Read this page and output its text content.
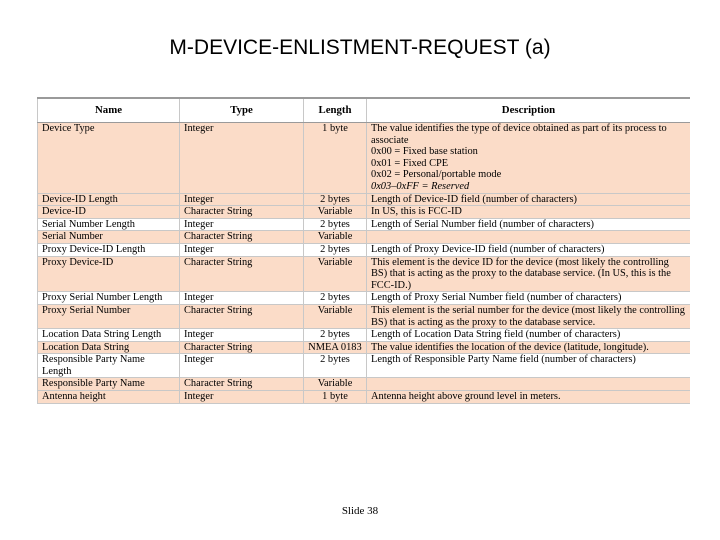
M-DEVICE-ENLISTMENT-REQUEST (a)
Name	Type	Length	Description
Device Type	Integer	1 byte	The value identifies the type of device obtained as part of its process to associate
0x00 = Fixed base station
0x01 = Fixed CPE
0x02 = Personal/portable mode
0x03–0xFF = Reserved

Device-ID Length	Integer	2 bytes	Length of Device-ID field (number of characters)

Device-ID	Character String	Variable	In US, this is FCC-ID

Serial Number Length	Integer	2 bytes	Length of Serial Number field (number of characters)

Serial Number	Character String	Variable	

Proxy Device-ID Length	Integer	2 bytes	Length of Proxy Device-ID field (number of characters)

Proxy Device-ID	Character String	Variable	This element is the device ID for the device (most likely the controlling BS) that is acting as the proxy to the database service. (In US, this is the FCC-ID.)

Proxy Serial Number Length	Integer	2 bytes	Length of Proxy Serial Number field (number of characters)

Proxy Serial Number	Character String	Variable	This element is the serial number for the device (most likely the controlling BS) that is acting as the proxy to the database service.

Location Data String Length	Integer	2 bytes	Length of Location Data String field (number of characters)

Location Data String	Character String	NMEA 0183	The value identifies the location of the device (latitude, longitude).

Responsible Party Name Length	Integer	2 bytes	Length of Responsible Party Name field (number of characters)

Responsible Party Name	Character String	Variable	

Antenna height	Integer	1 byte	Antenna height above ground level in meters.
Slide 38
